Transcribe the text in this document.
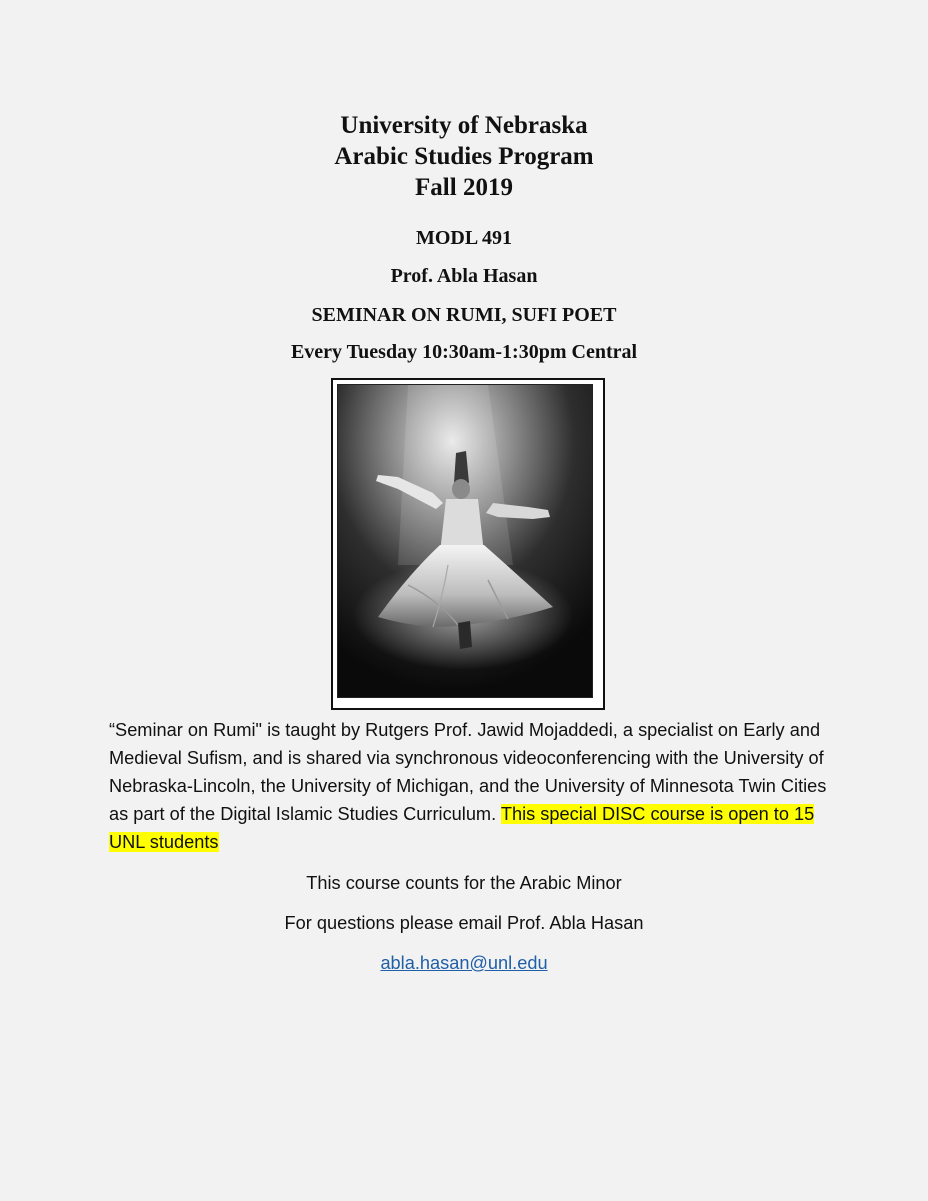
University of Nebraska
Arabic Studies Program
Fall 2019
MODL 491
Prof. Abla Hasan
SEMINAR ON RUMI, SUFI POET
Every Tuesday 10:30am-1:30pm Central
“Seminar on Rumi" is taught by Rutgers Prof. Jawid Mojaddedi, a specialist on Early and Medieval Sufism, and is shared via synchronous videoconferencing with the University of Nebraska-Lincoln, the University of Michigan, and the University of Minnesota Twin Cities as part of the Digital Islamic Studies Curriculum. This special DISC course is open to 15 UNL students
This course counts for the Arabic Minor
For questions please email Prof. Abla Hasan
abla.hasan@unl.edu
